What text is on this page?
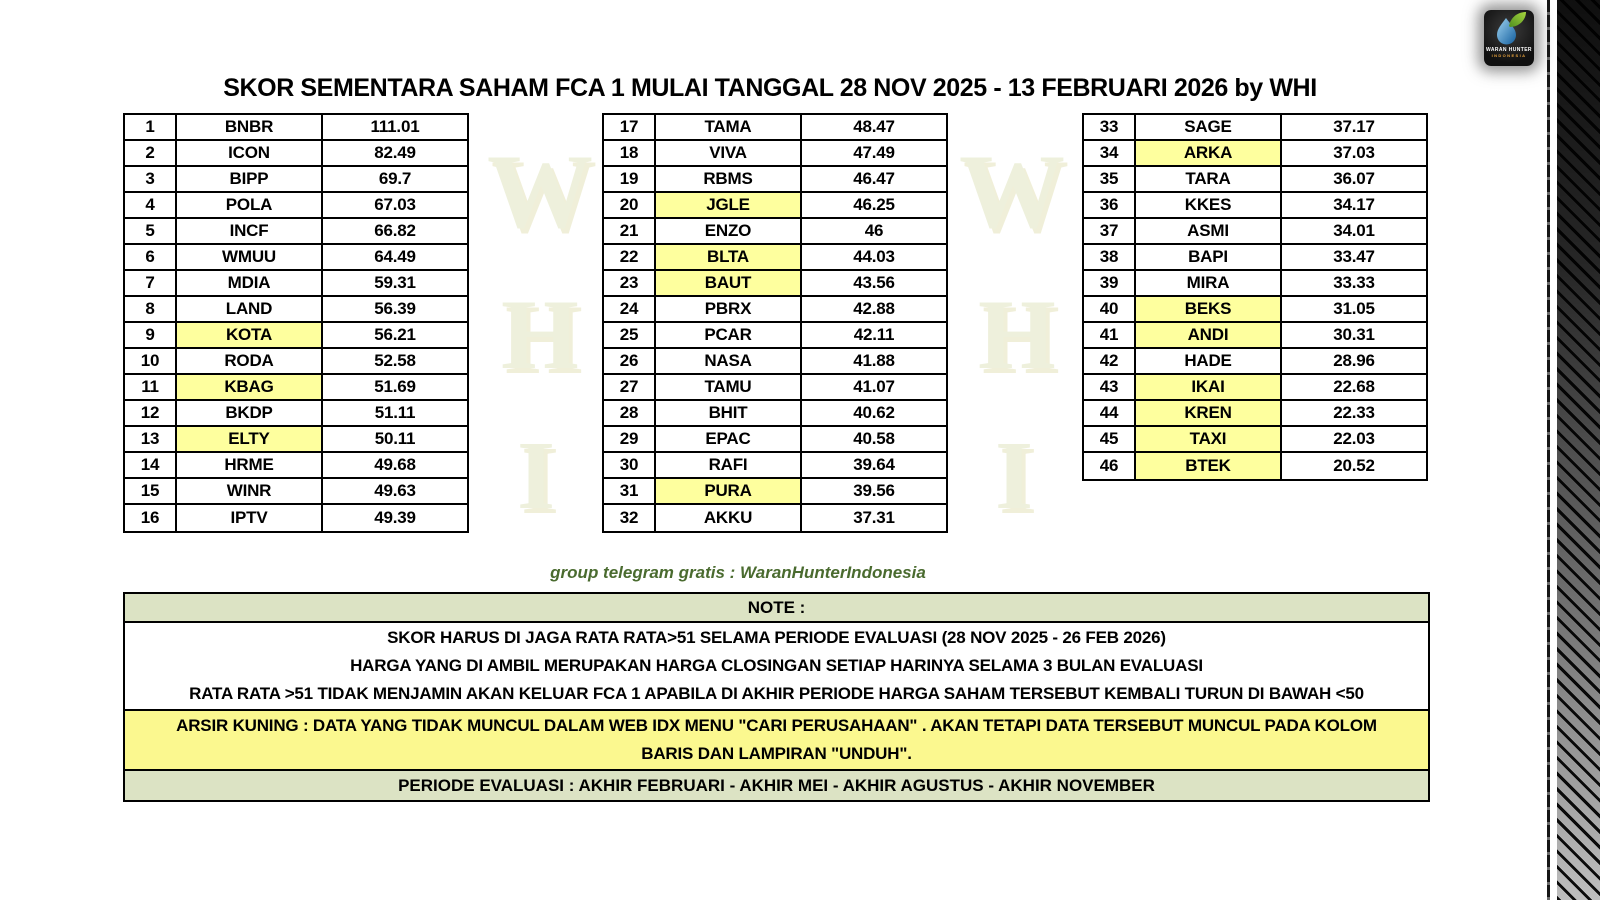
W
H
I
W
H
I
SKOR SEMENTARA SAHAM FCA 1 MULAI TANGGAL 28 NOV 2025 - 13 FEBRUARI 2026 by WHI
1	BNBR	111.01
2	ICON	82.49
3	BIPP	69.7
4	POLA	67.03
5	INCF	66.82
6	WMUU	64.49
7	MDIA	59.31
8	LAND	56.39
9	KOTA	56.21
10	RODA	52.58
11	KBAG	51.69
12	BKDP	51.11
13	ELTY	50.11
14	HRME	49.68
15	WINR	49.63
16	IPTV	49.39
17	TAMA	48.47
18	VIVA	47.49
19	RBMS	46.47
20	JGLE	46.25
21	ENZO	46
22	BLTA	44.03
23	BAUT	43.56
24	PBRX	42.88
25	PCAR	42.11
26	NASA	41.88
27	TAMU	41.07
28	BHIT	40.62
29	EPAC	40.58
30	RAFI	39.64
31	PURA	39.56
32	AKKU	37.31
33	SAGE	37.17
34	ARKA	37.03
35	TARA	36.07
36	KKES	34.17
37	ASMI	34.01
38	BAPI	33.47
39	MIRA	33.33
40	BEKS	31.05
41	ANDI	30.31
42	HADE	28.96
43	IKAI	22.68
44	KREN	22.33
45	TAXI	22.03
46	BTEK	20.52
group telegram gratis : WaranHunterIndonesia
NOTE :
SKOR HARUS DI JAGA RATA RATA>51 SELAMA PERIODE EVALUASI (28 NOV 2025 - 26 FEB 2026)
HARGA YANG DI AMBIL MERUPAKAN HARGA CLOSINGAN SETIAP HARINYA SELAMA 3 BULAN EVALUASI
RATA RATA >51 TIDAK MENJAMIN AKAN KELUAR FCA 1 APABILA DI AKHIR PERIODE HARGA SAHAM TERSEBUT KEMBALI TURUN DI BAWAH <50
ARSIR KUNING : DATA YANG TIDAK MUNCUL DALAM WEB IDX MENU "CARI PERUSAHAAN" . AKAN TETAPI DATA TERSEBUT MUNCUL PADA KOLOM
BARIS DAN LAMPIRAN "UNDUH".
PERIODE EVALUASI : AKHIR FEBRUARI - AKHIR MEI - AKHIR AGUSTUS - AKHIR NOVEMBER
WARAN HUNTER
INDONESIA
